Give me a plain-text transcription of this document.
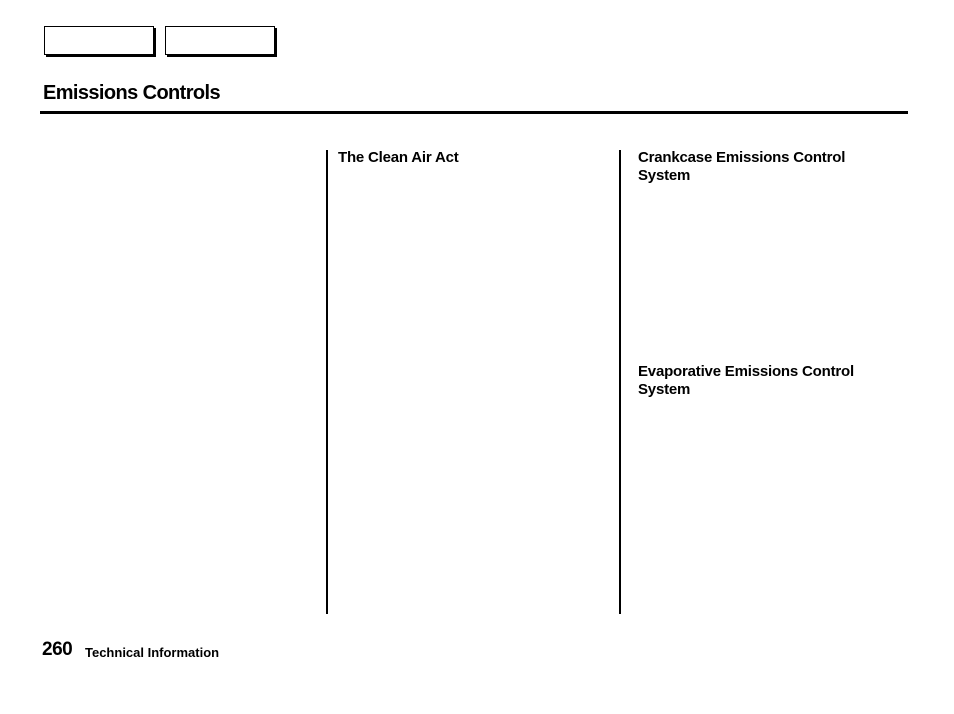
Emissions Controls
The Clean Air Act	Crankcase Emissions Control System
Evaporative Emissions Control System
260 Technical Information
